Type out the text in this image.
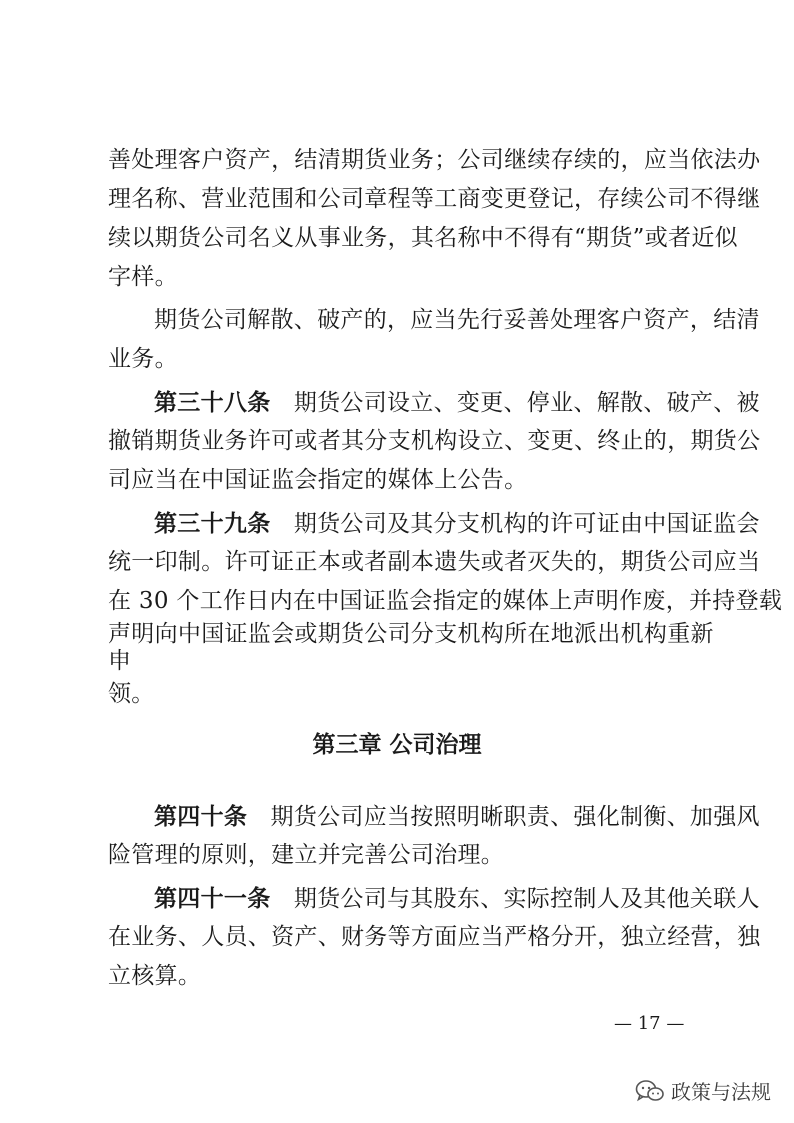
善处理客户资产，结清期货业务；公司继续存续的，应当依法办
理名称、营业范围和公司章程等工商变更登记，存续公司不得继
续以期货公司名义从事业务，其名称中不得有“期货”或者近似
字样。
期货公司解散、破产的，应当先行妥善处理客户资产，结清
业务。
第三十八条　 期货公司设立、变更、停业、解散、破产、被
撤销期货业务许可或者其分支机构设立、变更、终止的，期货公
司应当在中国证监会指定的媒体上公告。
第三十九条　 期货公司及其分支机构的许可证由中国证监会
统一印制。许可证正本或者副本遗失或者灭失的，期货公司应当
在 30 个工作日内在中国证监会指定的媒体上声明作废，并持登载
声明向中国证监会或期货公司分支机构所在地派出机构重新
申
领。
第三章 公司治理
第四十条　 期货公司应当按照明晰职责、强化制衡、加强风
险管理的原则，建立并完善公司治理。
第四十一条　 期货公司与其股东、实际控制人及其他关联人
在业务、人员、资产、财务等方面应当严格分开，独立经营，独
立核算。
— 17 —
政策与法规
